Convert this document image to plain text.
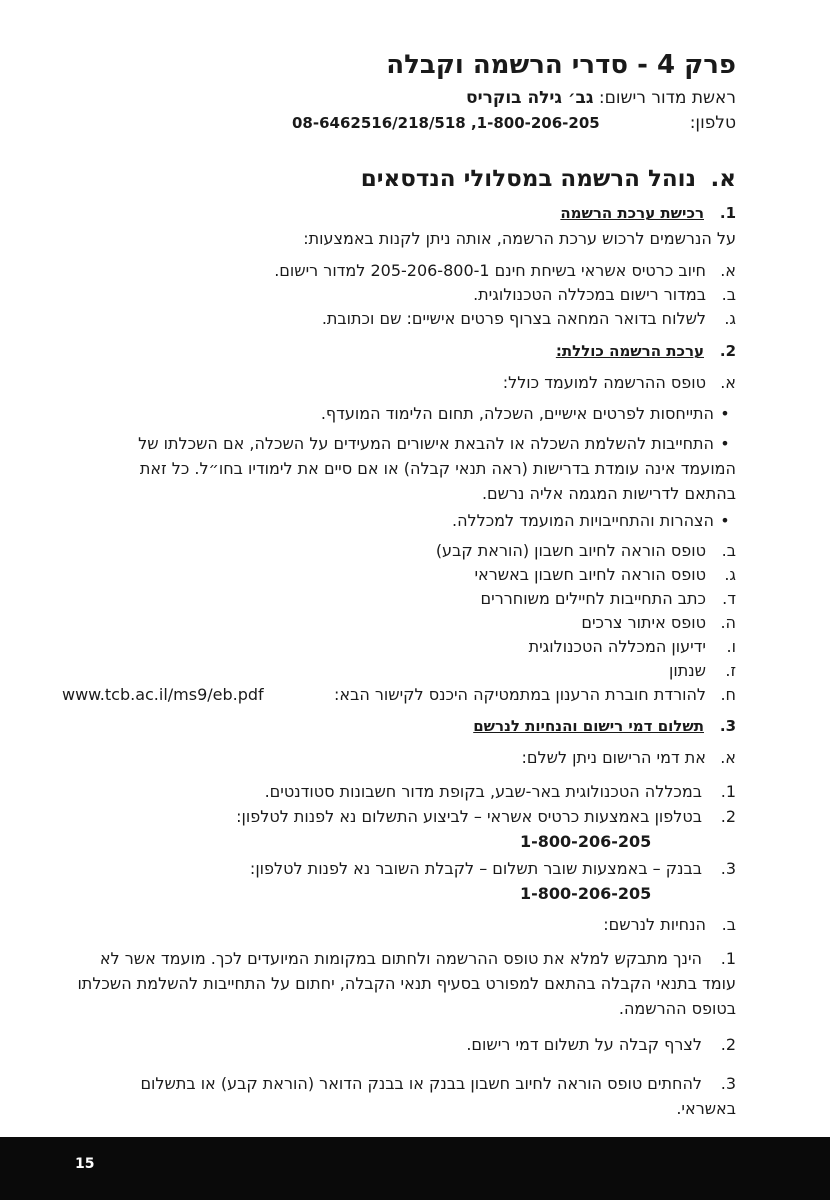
פרק 4 - סדרי הרשמה וקבלה
ראשת מדור רישום: גב׳ גילה בוקריס
טלפון:
08-6462516/218/518 ,1-800-206-205
א.נוהל הרשמה במסלולי הנדסאים
1.רכישת ערכת הרשמה
על הנרשמים לרכוש ערכת הרשמה, אותה ניתן לקנות באמצעות:
א.חיוב כרטיס אשראי בשיחת חינם 205-206-800-1 למדור רישום.
ב.במדור רישום במכללה הטכנולוגית.
ג.לשלוח בדואר המחאה בצרוף פרטים אישיים: שם וכתובת.
2.ערכת הרשמה כוללת:
א.טופס ההרשמה למועמד כולל:
•התייחסות לפרטים אישיים, השכלה, תחום הלימוד המועדף.
•התחייבות להשלמת השכלה או להבאת אישורים המעידים על השכלה, אם השכלתו של המועמד אינה עומדת בדרישות (ראה תנאי קבלה) או אם סיים את לימודיו בחו״ל. כל זאת בהתאם לדרישות המגמה אליה נרשם.
•הצהרות והתחייבויות המועמד למכללה.
ב.טופס הוראה לחיוב חשבון (הוראת קבע)
ג.טופס הוראה לחיוב חשבון באשראי
ד.כתב התחייבות לחיילים משוחררים
ה.טופס איתור צרכים
ו.ידיעון המכללה הטכנולוגית
ז.שנתון
ח.להורדת חוברת הרענון במתמטיקה היכנס לקישור הבא:
www.tcb.ac.il/ms9/eb.pdf
3.תשלום דמי רישום והנחיות לנרשם
א.את דמי הרישום ניתן לשלם:
1.במכללה הטכנולוגית באר-שבע, בקופת מדור חשבונות סטודנטים.
2.בטלפון באמצעות כרטיס אשראי – לביצוע התשלום נא לפנות לטלפון:
1-800-206-205
3.בבנק – באמצעות שובר תשלום – לקבלת השובר נא לפנות לטלפון:
1-800-206-205
ב.הנחיות לנרשם:
1.הינך מתבקש למלא את טופס ההרשמה ולחתום במקומות המיועדים לכך. מועמד אשר לא עומד בתנאי הקבלה בהתאם למפורט בסעיף תנאי הקבלה, יחתום על התחייבות להשלמת השכלתו בטופס ההרשמה.
2.לצרף קבלה על תשלום דמי רישום.
3.להחתים טופס הוראה לחיוב חשבון בבנק או בבנק הדואר (הוראת קבע) או בתשלום באשראי.
15
